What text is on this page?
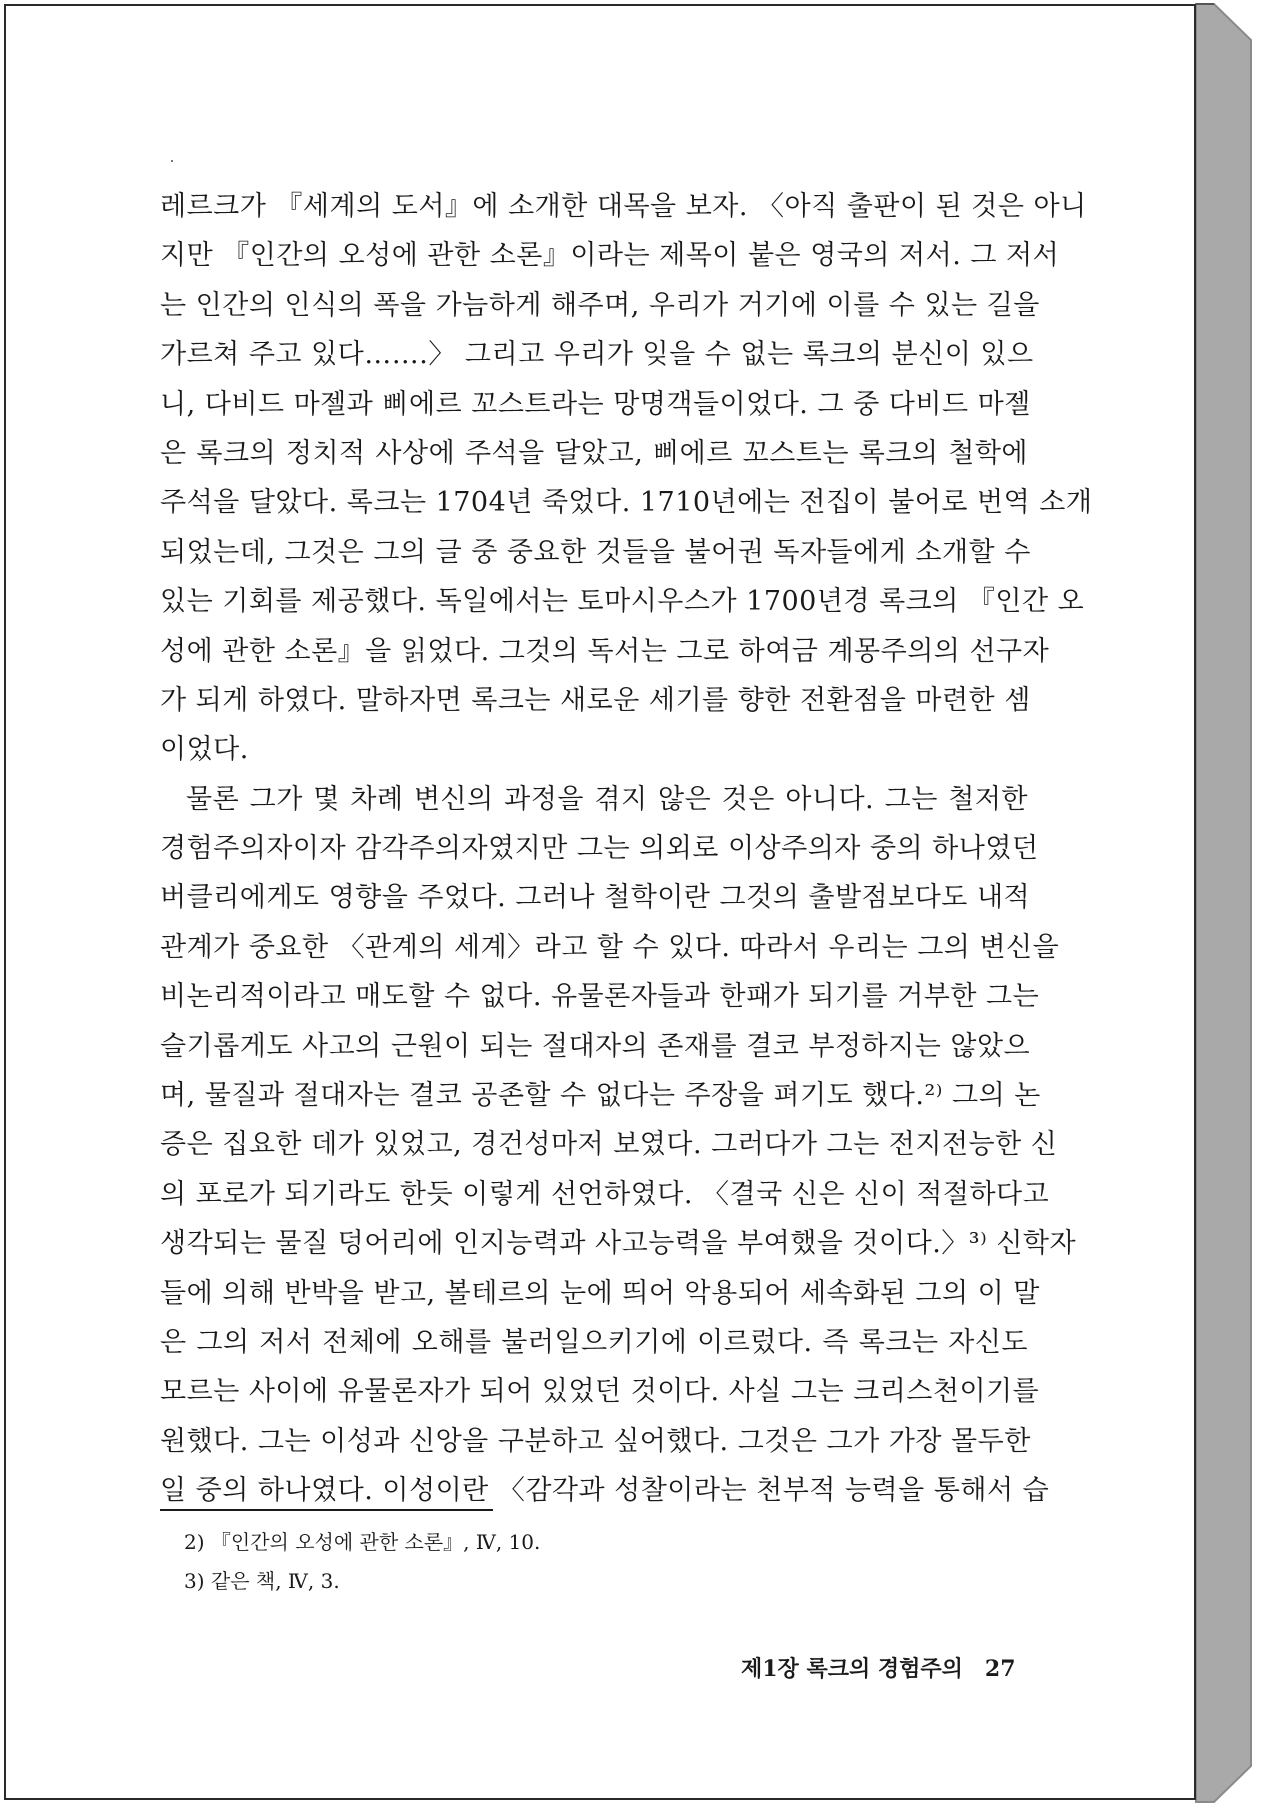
레르크가 『세계의 도서』에 소개한 대목을 보자. 〈아직 출판이 된 것은 아니
지만 『인간의 오성에 관한 소론』이라는 제목이 붙은 영국의 저서. 그 저서
는 인간의 인식의 폭을 가늠하게 해주며, 우리가 거기에 이를 수 있는 길을
가르쳐 주고 있다…….〉 그리고 우리가 잊을 수 없는 록크의 분신이 있으
니, 다비드 마젤과 삐에르 꼬스트라는 망명객들이었다. 그 중 다비드 마젤
은 록크의 정치적 사상에 주석을 달았고, 삐에르 꼬스트는 록크의 철학에
주석을 달았다. 록크는 1704년 죽었다. 1710년에는 전집이 불어로 번역 소개
되었는데, 그것은 그의 글 중 중요한 것들을 불어권 독자들에게 소개할 수
있는 기회를 제공했다. 독일에서는 토마시우스가 1700년경 록크의 『인간 오
성에 관한 소론』을 읽었다. 그것의 독서는 그로 하여금 계몽주의의 선구자
가 되게 하였다. 말하자면 록크는 새로운 세기를 향한 전환점을 마련한 셈
이었다.
물론 그가 몇 차례 변신의 과정을 겪지 않은 것은 아니다. 그는 철저한
경험주의자이자 감각주의자였지만 그는 의외로 이상주의자 중의 하나였던
버클리에게도 영향을 주었다. 그러나 철학이란 그것의 출발점보다도 내적
관계가 중요한 〈관계의 세계〉라고 할 수 있다. 따라서 우리는 그의 변신을
비논리적이라고 매도할 수 없다. 유물론자들과 한패가 되기를 거부한 그는
슬기롭게도 사고의 근원이 되는 절대자의 존재를 결코 부정하지는 않았으
며, 물질과 절대자는 결코 공존할 수 없다는 주장을 펴기도 했다.²⁾ 그의 논
증은 집요한 데가 있었고, 경건성마저 보였다. 그러다가 그는 전지전능한 신
의 포로가 되기라도 한듯 이렇게 선언하였다. 〈결국 신은 신이 적절하다고
생각되는 물질 덩어리에 인지능력과 사고능력을 부여했을 것이다.〉³⁾ 신학자
들에 의해 반박을 받고, 볼테르의 눈에 띄어 악용되어 세속화된 그의 이 말
은 그의 저서 전체에 오해를 불러일으키기에 이르렀다. 즉 록크는 자신도
모르는 사이에 유물론자가 되어 있었던 것이다. 사실 그는 크리스천이기를
원했다. 그는 이성과 신앙을 구분하고 싶어했다. 그것은 그가 가장 몰두한
일 중의 하나였다. 이성이란 〈감각과 성찰이라는 천부적 능력을 통해서 습
2) 『인간의 오성에 관한 소론』, Ⅳ, 10.
3) 같은 책, Ⅳ, 3.
제1장 록크의 경험주의 27
